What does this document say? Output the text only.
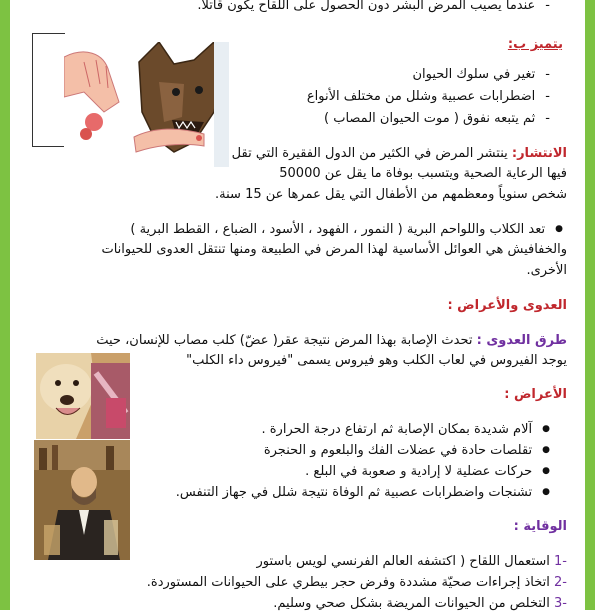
- عندما يصيب المرض البشر دون الحصول على اللقاح يكون قاتلا.
يتميز ب:
- تغير في سلوك الحيوان
- اضطرابات عصبية وشلل من مختلف الأنواع
- ثم يتبعه نفوق ( موت الحيوان المصاب )
الانتشار: ينتشر المرض في الكثير من الدول الفقيرة التي تقل
فيها الرعاية الصحية ويتسبب بوفاة ما يقل عن 50000
شخص سنوياً ومعظمهم من الأطفال التي يقل عمرها عن 15 سنة.
● تعد الكلاب واللواحم البرية ( النمور ، الفهود ، الأسود ، الضباع ، القطط البرية )
والخفافيش هي العوائل الأساسية لهذا المرض في الطبيعة ومنها تنتقل العدوى للحيوانات
الأخرى.
العدوى والأعراض :
طرق العدوى : تحدث الإصابة بهذا المرض نتيجة عقر( عضّ) كلب مصاب للإنسان، حيث
يوجد الفيروس في لعاب الكلب وهو فيروس يسمى "فيروس داء الكلب"
الأعراض :
● آلام شديدة بمكان الإصابة ثم ارتفاع درجة الحرارة .
● تقلصات حادة في عضلات الفك والبلعوم و الحنجرة
● حركات عضلية لا إرادية و صعوبة في البلع .
● تشنجات واضطرابات عصبية ثم الوفاة نتيجة شلل في جهاز التنفس.
الوقاية :
-1 استعمال اللقاح ( اكتشفه العالم الفرنسي لويس باستور
-2 اتخاذ إجراءات صحيّة مشددة وفرض حجر بيطري على الحيوانات المستوردة.
-3 التخلص من الحيوانات المريضة بشكل صحي وسليم.
